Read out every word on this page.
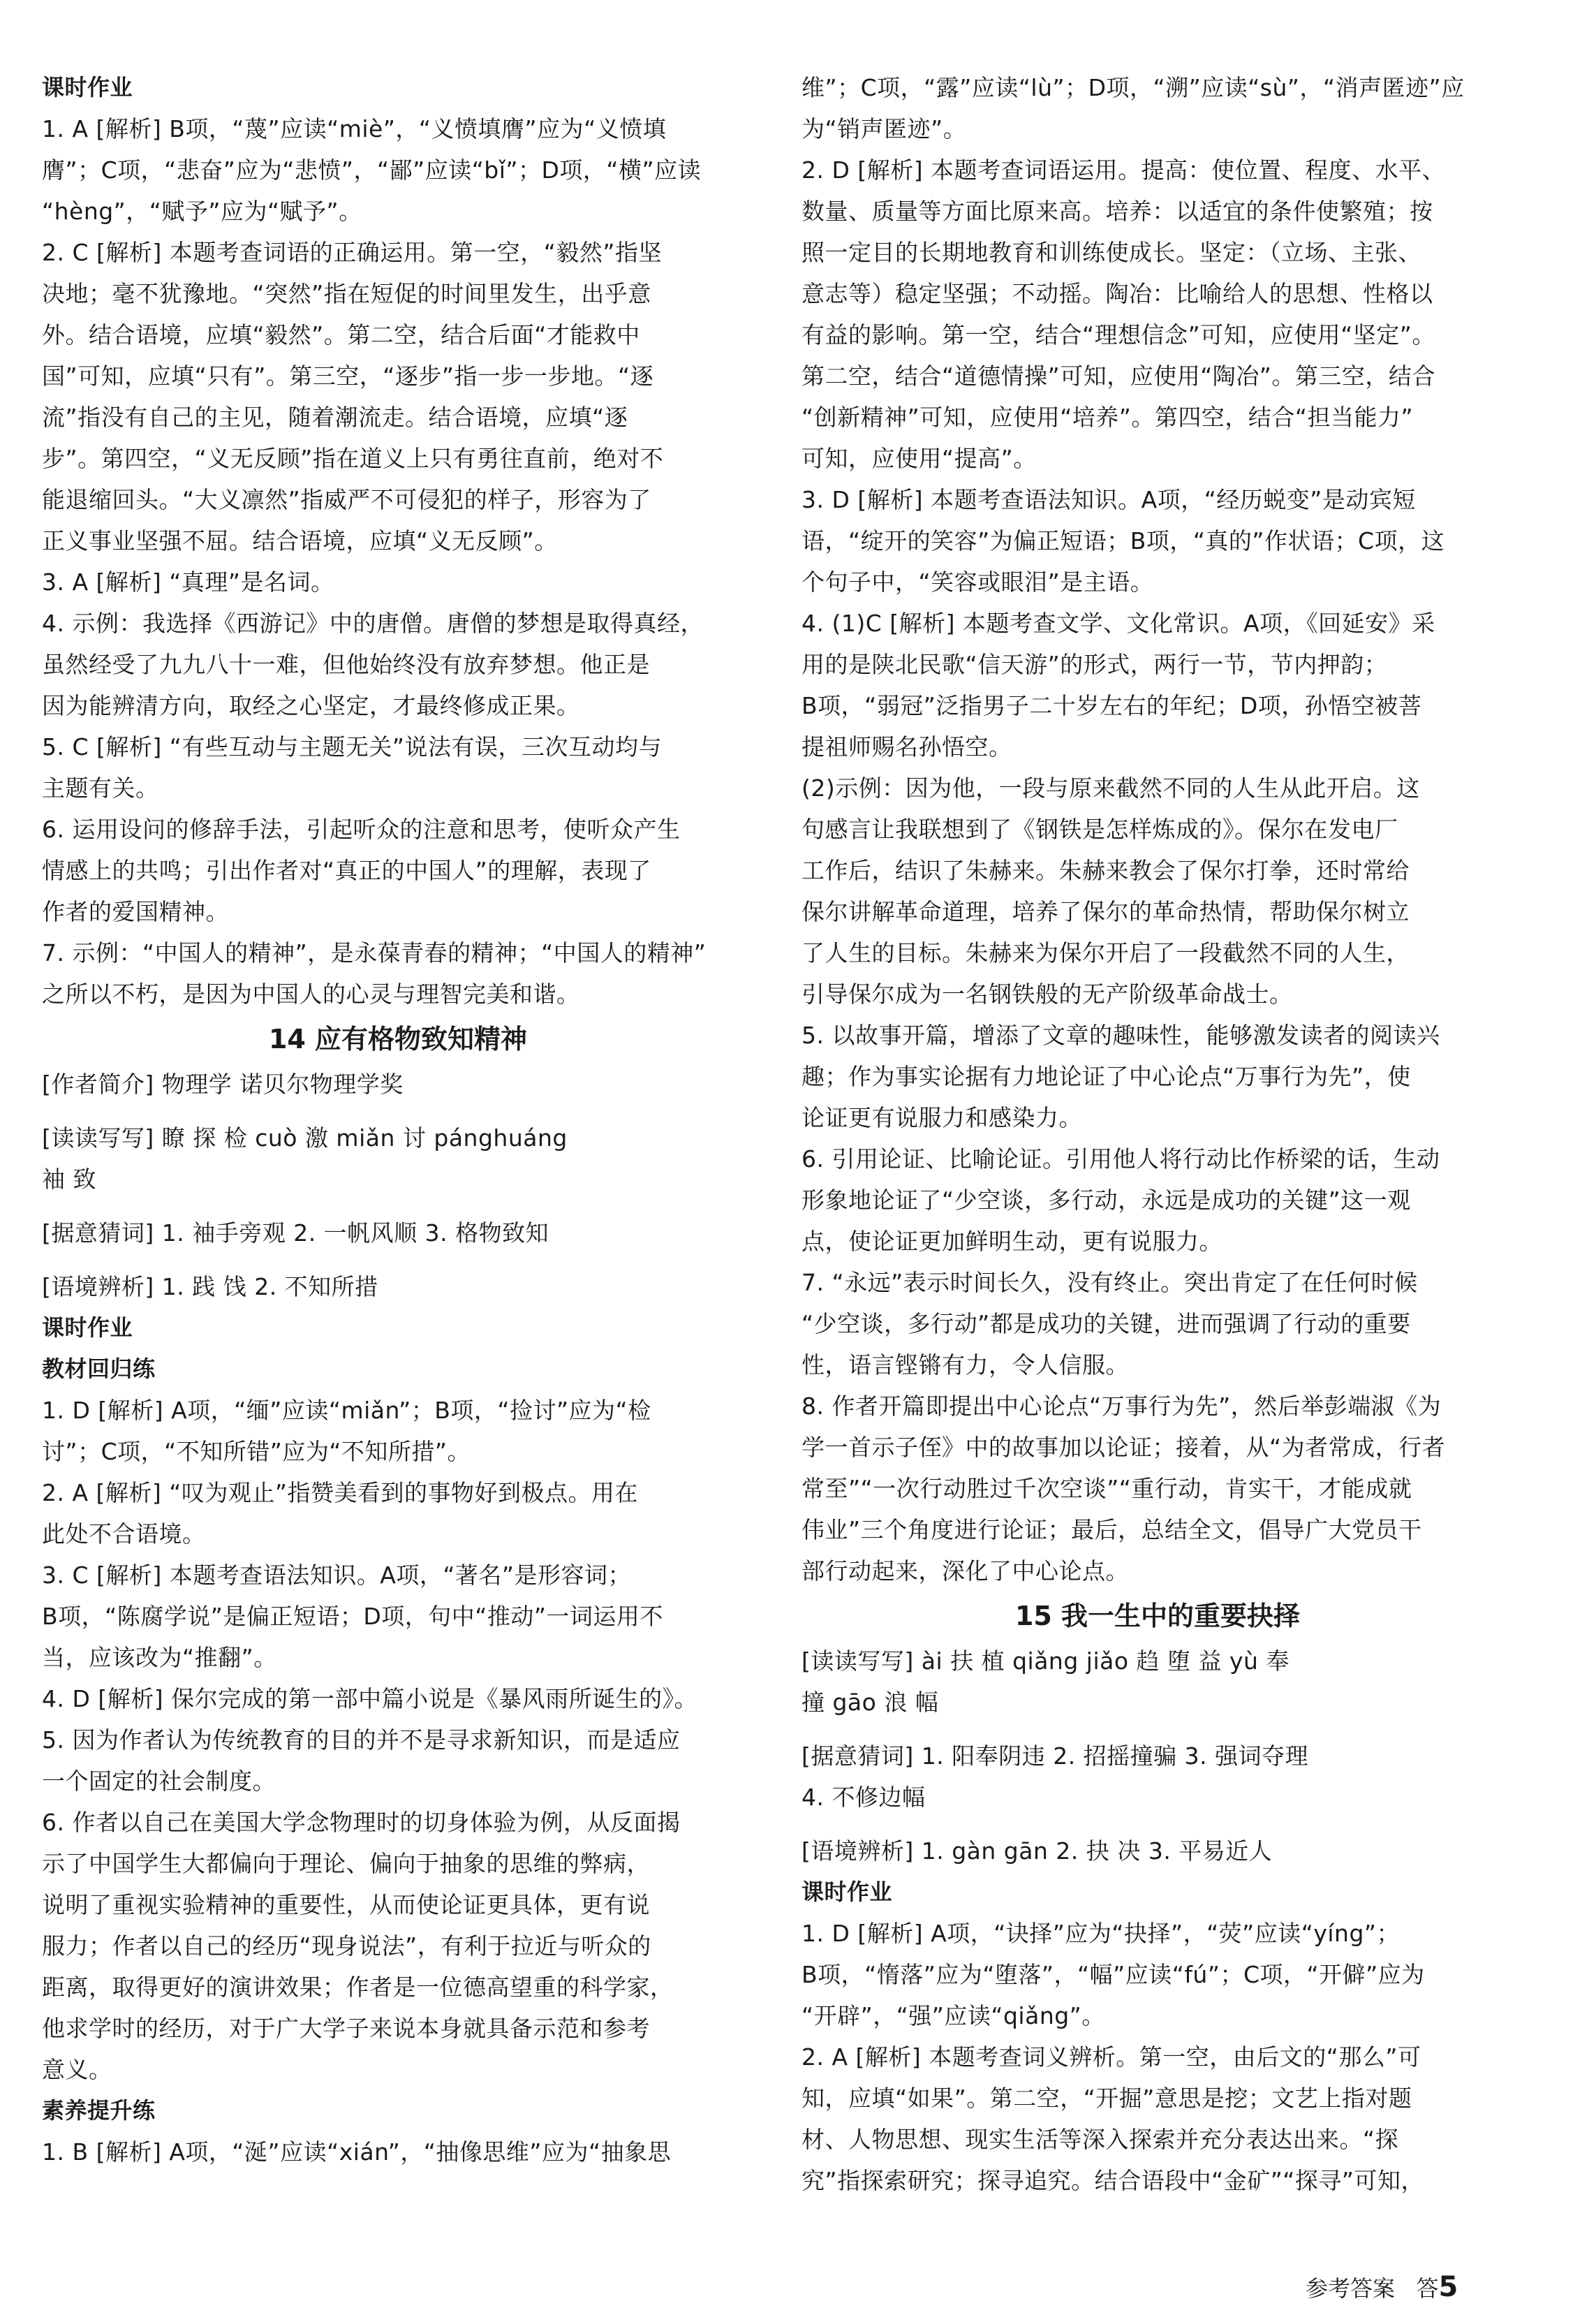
课时作业
1. A [解析] B项，“蔑”应读“miè”，“义愤填膺”应为“义愤填
膺”；C项，“悲奋”应为“悲愤”，“鄙”应读“bǐ”；D项，“横”应读
“hèng”，“赋予”应为“赋予”。
2. C [解析] 本题考查词语的正确运用。第一空，“毅然”指坚
决地；毫不犹豫地。“突然”指在短促的时间里发生，出乎意
外。结合语境，应填“毅然”。第二空，结合后面“才能救中
国”可知，应填“只有”。第三空，“逐步”指一步一步地。“逐
流”指没有自己的主见，随着潮流走。结合语境，应填“逐
步”。第四空，“义无反顾”指在道义上只有勇往直前，绝对不
能退缩回头。“大义凛然”指威严不可侵犯的样子，形容为了
正义事业坚强不屈。结合语境，应填“义无反顾”。
3. A [解析] “真理”是名词。
4. 示例：我选择《西游记》中的唐僧。唐僧的梦想是取得真经，
虽然经受了九九八十一难，但他始终没有放弃梦想。他正是
因为能辨清方向，取经之心坚定，才最终修成正果。
5. C [解析] “有些互动与主题无关”说法有误，三次互动均与
主题有关。
6. 运用设问的修辞手法，引起听众的注意和思考，使听众产生
情感上的共鸣；引出作者对“真正的中国人”的理解，表现了
作者的爱国精神。
7. 示例：“中国人的精神”，是永葆青春的精神；“中国人的精神”
之所以不朽，是因为中国人的心灵与理智完美和谐。
14 应有格物致知精神
[作者简介] 物理学 诺贝尔物理学奖
[读读写写] 瞭 探 检 cuò 激 miǎn 讨 pánghuáng
袖 致
[据意猜词] 1. 袖手旁观 2. 一帆风顺 3. 格物致知
[语境辨析] 1. 践 饯 2. 不知所措
课时作业
教材回归练
1. D [解析] A项，“缅”应读“miǎn”；B项，“捡讨”应为“检
讨”；C项，“不知所错”应为“不知所措”。
2. A [解析] “叹为观止”指赞美看到的事物好到极点。用在
此处不合语境。
3. C [解析] 本题考查语法知识。A项，“著名”是形容词；
B项，“陈腐学说”是偏正短语；D项，句中“推动”一词运用不
当，应该改为“推翻”。
4. D [解析] 保尔完成的第一部中篇小说是《暴风雨所诞生的》。
5. 因为作者认为传统教育的目的并不是寻求新知识，而是适应
一个固定的社会制度。
6. 作者以自己在美国大学念物理时的切身体验为例，从反面揭
示了中国学生大都偏向于理论、偏向于抽象的思维的弊病，
说明了重视实验精神的重要性，从而使论证更具体，更有说
服力；作者以自己的经历“现身说法”，有利于拉近与听众的
距离，取得更好的演讲效果；作者是一位德高望重的科学家，
他求学时的经历，对于广大学子来说本身就具备示范和参考
意义。
素养提升练
1. B [解析] A项，“涎”应读“xián”，“抽像思维”应为“抽象思
维”；C项，“露”应读“lù”；D项，“溯”应读“sù”，“消声匿迹”应
为“销声匿迹”。
2. D [解析] 本题考查词语运用。提高：使位置、程度、水平、
数量、质量等方面比原来高。培养：以适宜的条件使繁殖；按
照一定目的长期地教育和训练使成长。坚定：（立场、主张、
意志等）稳定坚强；不动摇。陶冶：比喻给人的思想、性格以
有益的影响。第一空，结合“理想信念”可知，应使用“坚定”。
第二空，结合“道德情操”可知，应使用“陶冶”。第三空，结合
“创新精神”可知，应使用“培养”。第四空，结合“担当能力”
可知，应使用“提高”。
3. D [解析] 本题考查语法知识。A项，“经历蜕变”是动宾短
语，“绽开的笑容”为偏正短语；B项，“真的”作状语；C项，这
个句子中，“笑容或眼泪”是主语。
4. (1)C [解析] 本题考查文学、文化常识。A项，《回延安》采
用的是陕北民歌“信天游”的形式，两行一节，节内押韵；
B项，“弱冠”泛指男子二十岁左右的年纪；D项，孙悟空被菩
提祖师赐名孙悟空。
(2)示例：因为他，一段与原来截然不同的人生从此开启。这
句感言让我联想到了《钢铁是怎样炼成的》。保尔在发电厂
工作后，结识了朱赫来。朱赫来教会了保尔打拳，还时常给
保尔讲解革命道理，培养了保尔的革命热情，帮助保尔树立
了人生的目标。朱赫来为保尔开启了一段截然不同的人生，
引导保尔成为一名钢铁般的无产阶级革命战士。
5. 以故事开篇，增添了文章的趣味性，能够激发读者的阅读兴
趣；作为事实论据有力地论证了中心论点“万事行为先”，使
论证更有说服力和感染力。
6. 引用论证、比喻论证。引用他人将行动比作桥梁的话，生动
形象地论证了“少空谈，多行动，永远是成功的关键”这一观
点，使论证更加鲜明生动，更有说服力。
7. “永远”表示时间长久，没有终止。突出肯定了在任何时候
“少空谈，多行动”都是成功的关键，进而强调了行动的重要
性，语言铿锵有力，令人信服。
8. 作者开篇即提出中心论点“万事行为先”，然后举彭端淑《为
学一首示子侄》中的故事加以论证；接着，从“为者常成，行者
常至”“一次行动胜过千次空谈”“重行动，肯实干，才能成就
伟业”三个角度进行论证；最后，总结全文，倡导广大党员干
部行动起来，深化了中心论点。
15 我一生中的重要抉择
[读读写写] ài 扶 植 qiǎng jiǎo 趋 堕 益 yù 奉
撞 gāo 浪 幅
[据意猜词] 1. 阳奉阴违 2. 招摇撞骗 3. 强词夺理
4. 不修边幅
[语境辨析] 1. gàn gān 2. 抉 决 3. 平易近人
课时作业
1. D [解析] A项，“诀择”应为“抉择”，“荧”应读“yíng”；
B项，“惰落”应为“堕落”，“幅”应读“fú”；C项，“开僻”应为
“开辟”，“强”应读“qiǎng”。
2. A [解析] 本题考查词义辨析。第一空，由后文的“那么”可
知，应填“如果”。第二空，“开掘”意思是挖；文艺上指对题
材、人物思想、现实生活等深入探索并充分表达出来。“探
究”指探索研究；探寻追究。结合语段中“金矿”“探寻”可知，
参考答案 答5
